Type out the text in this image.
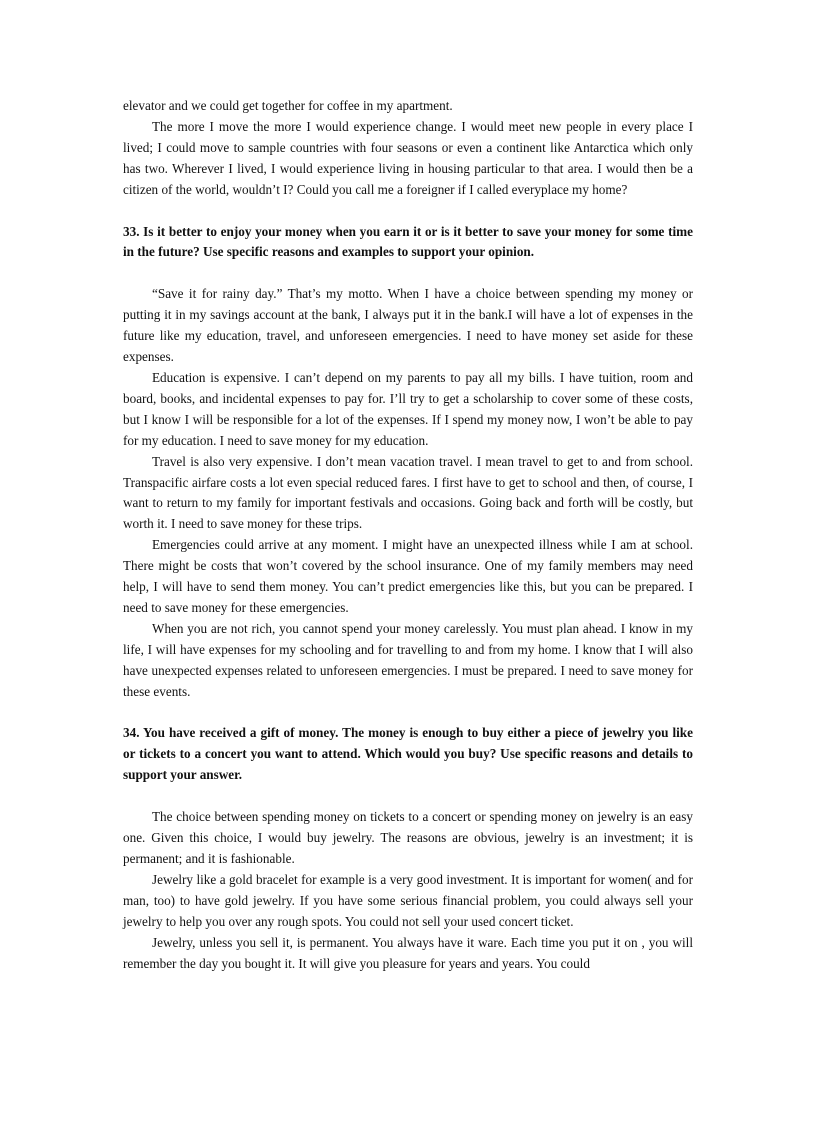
elevator and we could get together for coffee in my apartment.

The more I move the more I would experience change. I would meet new people in every place I lived; I could move to sample countries with four seasons or even a continent like Antarctica which only has two. Wherever I lived, I would experience living in housing particular to that area. I would then be a citizen of the world, wouldn’t I? Could you call me a foreigner if I called everyplace my home?

33. Is it better to enjoy your money when you earn it or is it better to save your money for some time in the future? Use specific reasons and examples to support your opinion.

“Save it for rainy day.” That’s my motto. When I have a choice between spending my money or putting it in my savings account at the bank, I always put it in the bank.I will have a lot of expenses in the future like my education, travel, and unforeseen emergencies. I need to have money set aside for these expenses.

Education is expensive. I can’t depend on my parents to pay all my bills. I have tuition, room and board, books, and incidental expenses to pay for. I’ll try to get a scholarship to cover some of these costs, but I know I will be responsible for a lot of the expenses. If I spend my money now, I won’t be able to pay for my education. I need to save money for my education.

Travel is also very expensive. I don’t mean vacation travel. I mean travel to get to and from school. Transpacific airfare costs a lot even special reduced fares. I first have to get to school and then, of course, I want to return to my family for important festivals and occasions. Going back and forth will be costly, but worth it. I need to save money for these trips.

Emergencies could arrive at any moment. I might have an unexpected illness while I am at school. There might be costs that won’t covered by the school insurance. One of my family members may need help, I will have to send them money. You can’t predict emergencies like this, but you can be prepared. I need to save money for these emergencies.

When you are not rich, you cannot spend your money carelessly. You must plan ahead. I know in my life, I will have expenses for my schooling and for travelling to and from my home. I know that I will also have unexpected expenses related to unforeseen emergencies. I must be prepared. I need to save money for these events.

34. You have received a gift of money. The money is enough to buy either a piece of jewelry you like or tickets to a concert you want to attend. Which would you buy? Use specific reasons and details to support your answer.

The choice between spending money on tickets to a concert or spending money on jewelry is an easy one. Given this choice, I would buy jewelry. The reasons are obvious, jewelry is an investment; it is permanent; and it is fashionable.

Jewelry like a gold bracelet for example is a very good investment. It is important for women( and for man, too) to have gold jewelry. If you have some serious financial problem, you could always sell your jewelry to help you over any rough spots. You could not sell your used concert ticket.

Jewelry, unless you sell it, is permanent. You always have it ware. Each time you put it on , you will remember the day you bought it. It will give you pleasure for years and years. You could
